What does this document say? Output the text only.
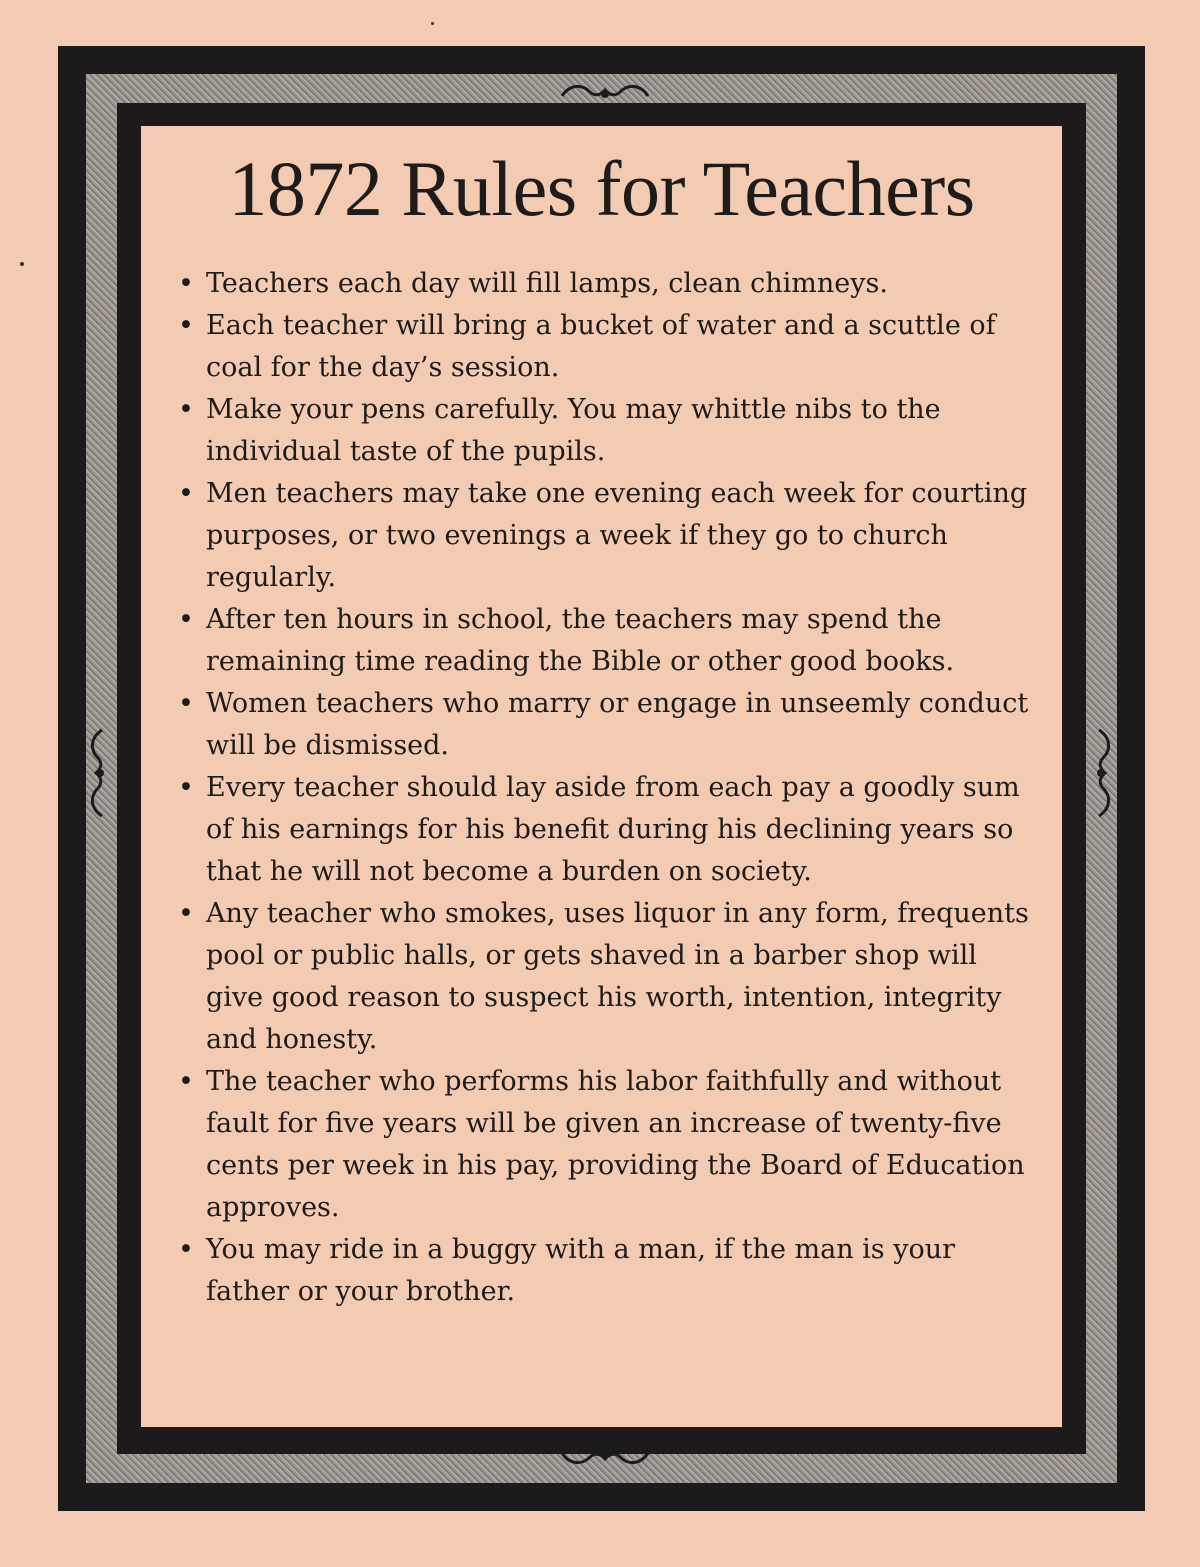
1872 Rules for Teachers
• Teachers each day will fill lamps, clean chimneys.
• Each teacher will bring a bucket of water and a scuttle of coal for the day’s session.
• Make your pens carefully. You may whittle nibs to the individual taste of the pupils.
• Men teachers may take one evening each week for courting purposes, or two evenings a week if they go to church regularly.
• After ten hours in school, the teachers may spend the remaining time reading the Bible or other good books.
• Women teachers who marry or engage in unseemly conduct will be dismissed.
• Every teacher should lay aside from each pay a goodly sum of his earnings for his benefit during his declining years so that he will not become a burden on society.
• Any teacher who smokes, uses liquor in any form, frequents pool or public halls, or gets shaved in a barber shop will give good reason to suspect his worth, intention, integrity and honesty.
• The teacher who performs his labor faithfully and without fault for five years will be given an increase of twenty-five cents per week in his pay, providing the Board of Education approves.
• You may ride in a buggy with a man, if the man is your father or your brother.
